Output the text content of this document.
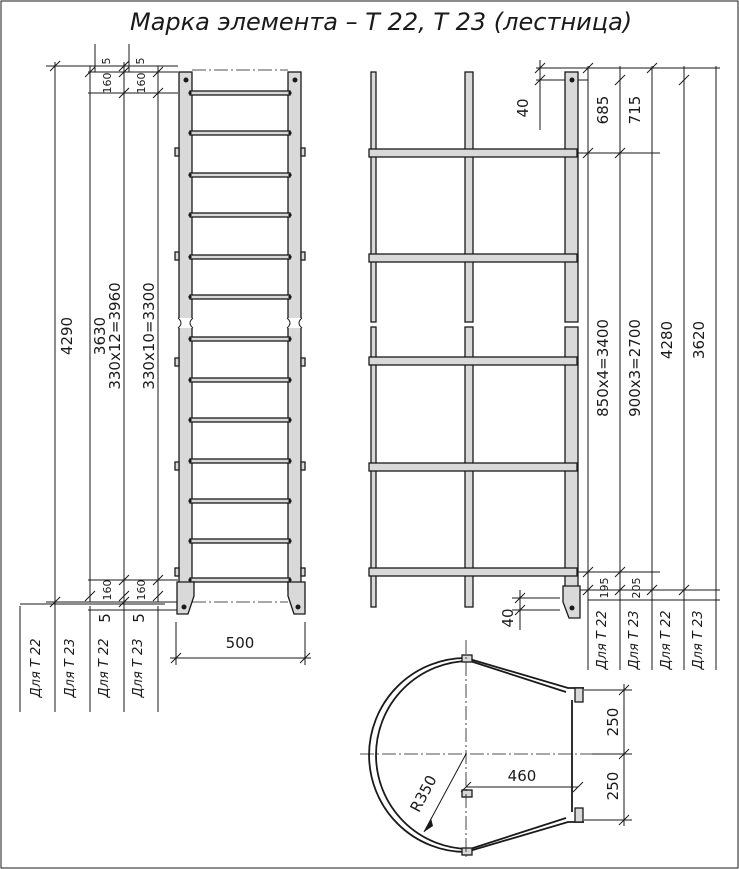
Марка элемента – Т 22, Т 23 (лестница)
4290 3630
330х12=3960 330х10=3300
5 5
160 160
160 160
5 5
500
Для Т 22 Для Т 23 Для Т 22 Для Т 23
40	685 715
850х4=3400 900х3=2700 4280 3620
195 205
40	Для Т 22 Для Т 23 Для Т 22 Для Т 23
250
250
460
R350
